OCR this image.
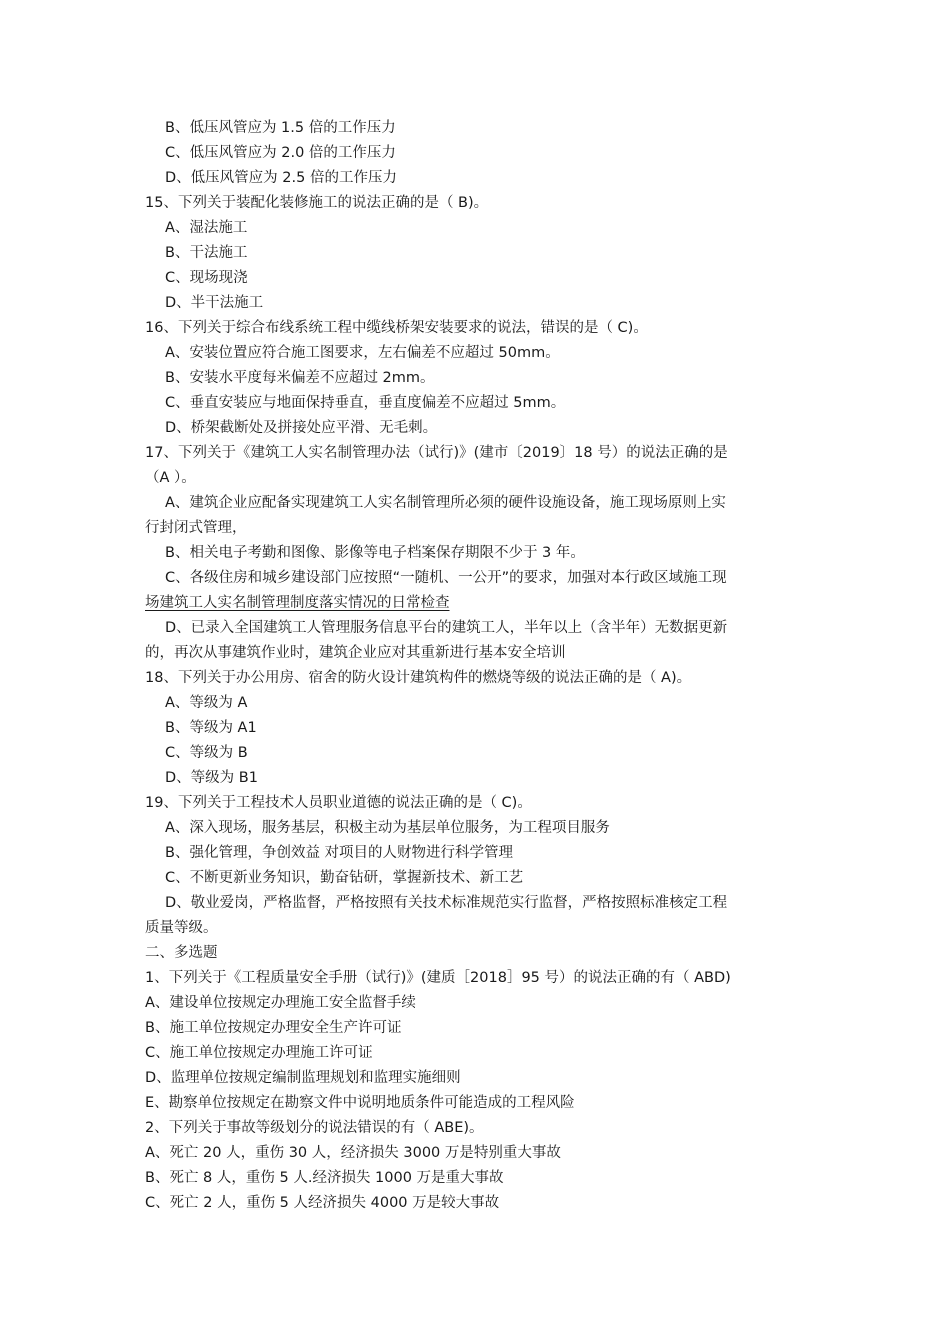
B、低压风管应为 1.5 倍的工作压力
C、低压风管应为 2.0 倍的工作压力
D、低压风管应为 2.5 倍的工作压力
15、下列关于装配化装修施工的说法正确的是（ B)。
A、湿法施工
B、干法施工
C、现场现浇
D、半干法施工
16、下列关于综合布线系统工程中缆线桥架安装要求的说法，错误的是（ C)。
A、安装位置应符合施工图要求，左右偏差不应超过 50mm。
B、安装水平度每米偏差不应超过 2mm。
C、垂直安装应与地面保持垂直，垂直度偏差不应超过 5mm。
D、桥架截断处及拼接处应平滑、无毛刺。
17、下列关于《建筑工人实名制管理办法（试行)》(建市〔2019〕18 号）的说法正确的是
（A ）。
A、建筑企业应配备实现建筑工人实名制管理所必须的硬件设施设备，施工现场原则上实
行封闭式管理，
B、相关电子考勤和图像、影像等电子档案保存期限不少于 3 年。
C、各级住房和城乡建设部门应按照“一随机、一公开”的要求，加强对本行政区域施工现
场建筑工人实名制管理制度落实情况的日常检查
D、已录入全国建筑工人管理服务信息平台的建筑工人，半年以上（含半年）无数据更新
的，再次从事建筑作业时，建筑企业应对其重新进行基本安全培训
18、下列关于办公用房、宿舍的防火设计建筑构件的燃烧等级的说法正确的是（ A)。
A、等级为 A
B、等级为 A1
C、等级为 B
D、等级为 B1
19、下列关于工程技术人员职业道德的说法正确的是（ C)。
A、深入现场，服务基层，积极主动为基层单位服务，为工程项目服务
B、强化管理，争创效益 对项目的人财物进行科学管理
C、不断更新业务知识，勤奋钻研，掌握新技术、新工艺
D、敬业爱岗，严格监督，严格按照有关技术标准规范实行监督，严格按照标准核定工程
质量等级。
二、多选题
1、下列关于《工程质量安全手册（试行)》(建质［2018］95 号）的说法正确的有（ ABD)
A、建设单位按规定办理施工安全监督手续
B、施工单位按规定办理安全生产许可证
C、施工单位按规定办理施工许可证
D、监理单位按规定编制监理规划和监理实施细则
E、勘察单位按规定在勘察文件中说明地质条件可能造成的工程风险
2、下列关于事故等级划分的说法错误的有（ ABE)。
A、死亡 20 人，重伤 30 人，经济损失 3000 万是特别重大事故
B、死亡 8 人，重伤 5 人.经济损失 1000 万是重大事故
C、死亡 2 人，重伤 5 人经济损失 4000 万是较大事故
